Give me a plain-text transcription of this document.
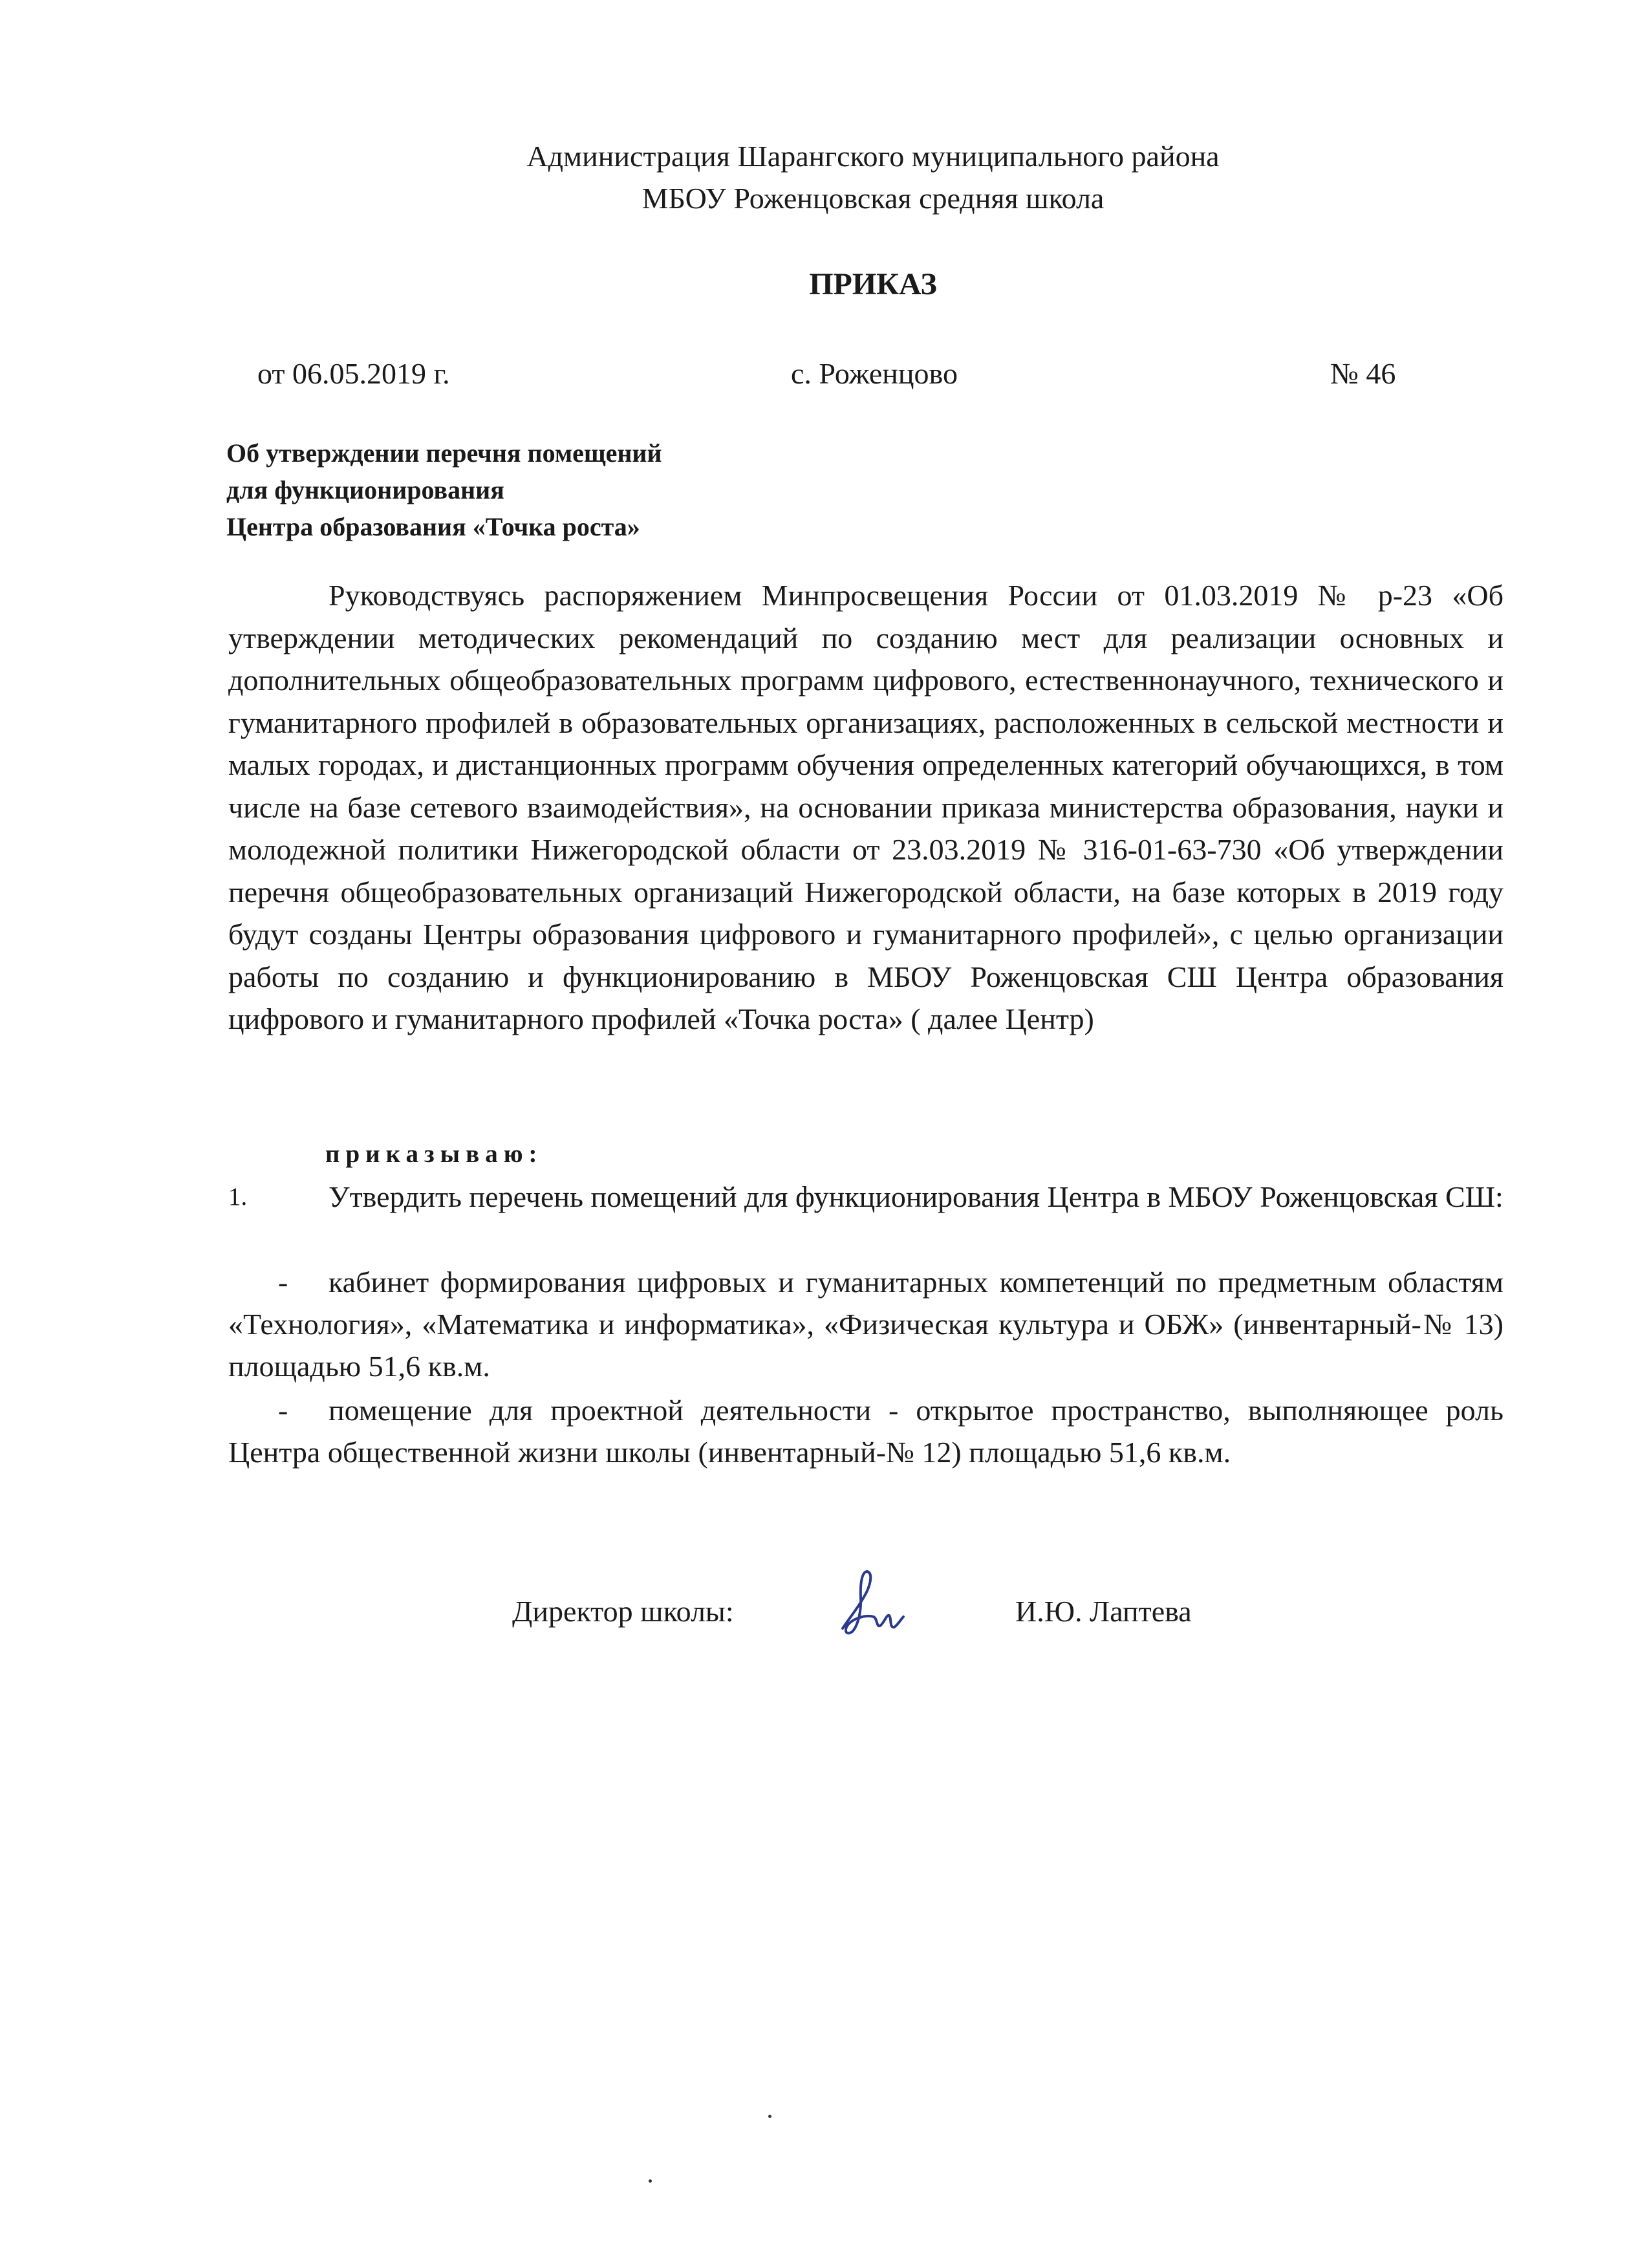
Администрация Шарангского муниципального района
МБОУ Роженцовская средняя школа
ПРИКАЗ
от 06.05.2019 г.	с. Роженцово	№ 46
Об утверждении перечня помещений
для функционирования
Центра образования «Точка роста»
Руководствуясь распоряжением Минпросвещения России от 01.03.2019 № р-23 «Об утверждении методических рекомендаций по созданию мест для реализации основных и дополнительных общеобразовательных программ цифрового, естественнонаучного, технического и гуманитарного профилей в образовательных организациях, расположенных в сельской местности и малых городах, и дистанционных программ обучения определенных категорий обучающихся, в том числе на базе сетевого взаимодействия», на основании приказа министерства образования, науки и молодежной политики Нижегородской области от 23.03.2019 № 316-01-63-730 «Об утверждении перечня общеобразовательных организаций Нижегородской области, на базе которых в 2019 году будут созданы Центры образования цифрового и гуманитарного профилей», с целью организации работы по созданию и функционированию в МБОУ Роженцовская СШ Центра образования цифрового и гуманитарного профилей «Точка роста» ( далее Центр)
приказываю:
Утвердить перечень помещений для функционирования Центра в МБОУ Роженцовская СШ:
1.
кабинет формирования цифровых и гуманитарных компетенций по предметным областям «Технология», «Математика и информатика», «Физическая культура и ОБЖ» (инвентарный-№ 13) площадью 51,6 кв.м.
-
помещение для проектной деятельности - открытое пространство, выполняющее роль Центра общественной жизни школы (инвентарный-№ 12) площадью 51,6 кв.м.
-
Директор школы:	И.Ю. Лаптева
